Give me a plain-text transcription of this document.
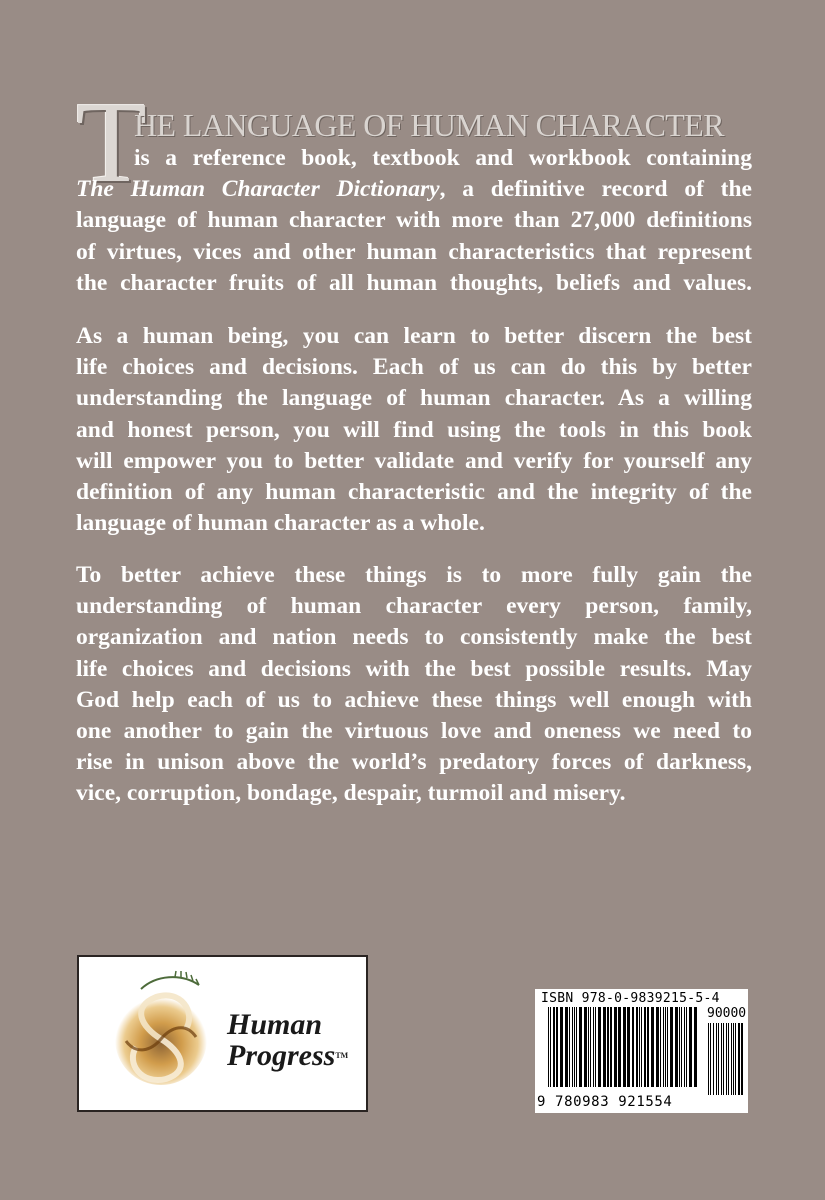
T
HE LANGUAGE OF HUMAN CHARACTER
is a reference book, textbook and workbook containing
The Human Character Dictionary, a definitive record of the
language of human character with more than 27,000 definitions
of virtues, vices and other human characteristics that represent
the character fruits of all human thoughts, beliefs and values.
As a human being, you can learn to better discern the best
life choices and decisions. Each of us can do this by better
understanding the language of human character. As a willing
and honest person, you will find using the tools in this book
will empower you to better validate and verify for yourself any
definition of any human characteristic and the integrity of the
language of human character as a whole.
To better achieve these things is to more fully gain the
understanding of human character every person, family,
organization and nation needs to consistently make the best
life choices and decisions with the best possible results. May
God help each of us to achieve these things well enough with
one another to gain the virtuous love and oneness we need to
rise in unison above the world’s predatory forces of darkness,
vice, corruption, bondage, despair, turmoil and misery.
Human
Progress™
ISBN 978-0-9839215-5-4
90000
9 780983 921554
